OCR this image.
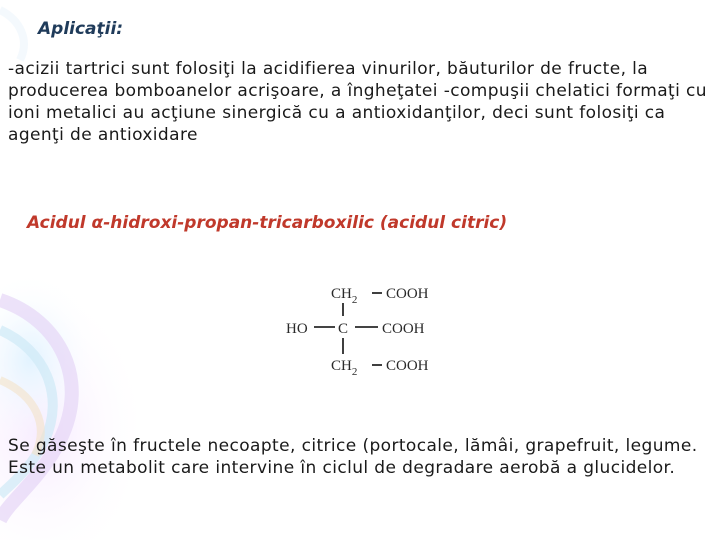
Aplicaţii:
-acizii tartrici sunt folosiţi la acidifierea vinurilor, băuturilor de fructe, la producerea bomboanelor acrişoare, a îngheţatei -compuşii chelatici formaţi cu ioni metalici au acţiune sinergică cu a antioxidanţilor, deci sunt folosiţi ca agenţi de antioxidare
Acidul α-hidroxi-propan-tricarboxilic (acidul citric)
$CH_2$ COOH
HO C COOH
$CH_2$ COOH
Se găseşte în fructele necoapte, citrice (portocale, lămâi, grapefruit, legume. Este un metabolit care intervine în ciclul de degradare aerobă a glucidelor.
